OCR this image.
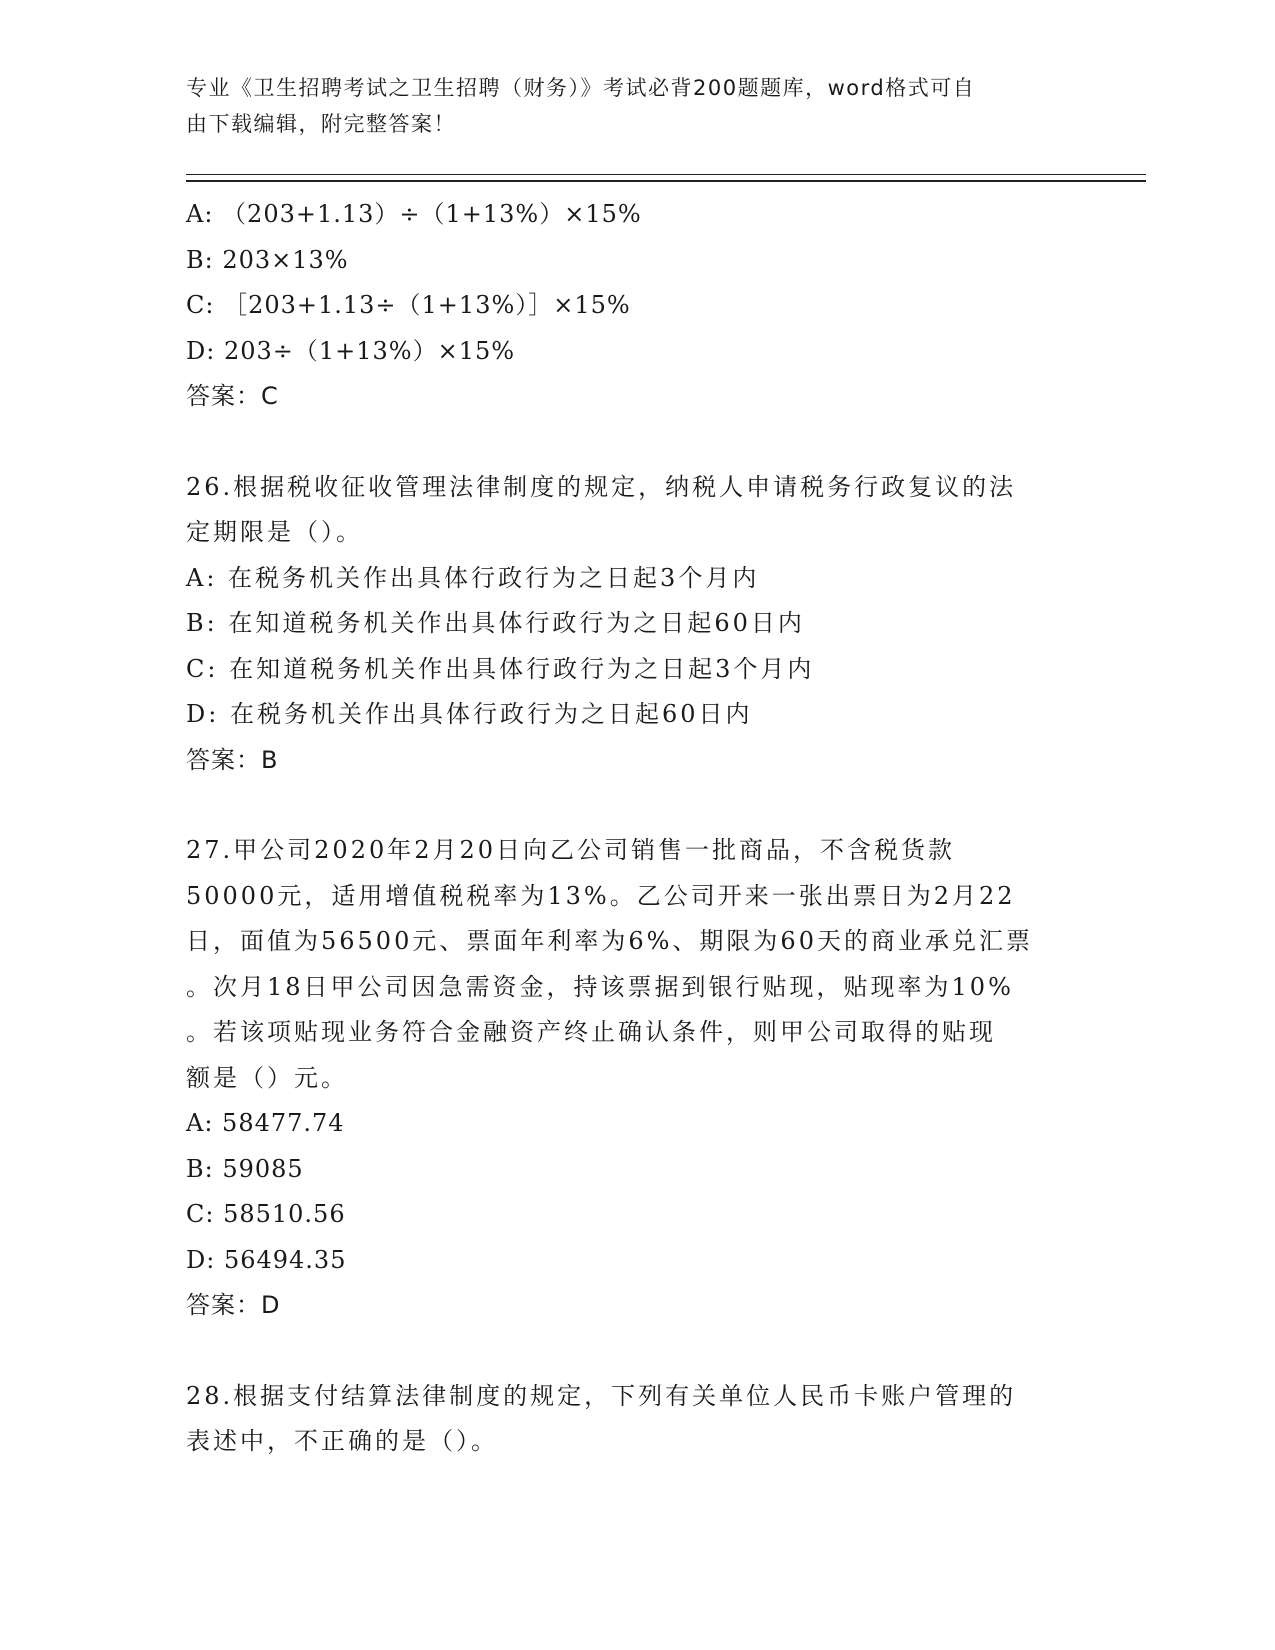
专业《卫生招聘考试之卫生招聘（财务）》考试必背200题题库，word格式可自
由下载编辑，附完整答案！
A: （203+1.13）÷（1+13%）×15%
B: 203×13%
C: ［203+1.13÷（1+13%）］×15%
D: 203÷（1+13%）×15%
答案：C
26.根据税收征收管理法律制度的规定，纳税人申请税务行政复议的法
定期限是（）。
A: 在税务机关作出具体行政行为之日起3个月内
B: 在知道税务机关作出具体行政行为之日起60日内
C: 在知道税务机关作出具体行政行为之日起3个月内
D: 在税务机关作出具体行政行为之日起60日内
答案：B
27.甲公司2020年2月20日向乙公司销售一批商品，不含税货款
50000元，适用增值税税率为13%。乙公司开来一张出票日为2月22
日，面值为56500元、票面年利率为6%、期限为60天的商业承兑汇票
。次月18日甲公司因急需资金，持该票据到银行贴现，贴现率为10%
。若该项贴现业务符合金融资产终止确认条件，则甲公司取得的贴现
额是（）元。
A: 58477.74
B: 59085
C: 58510.56
D: 56494.35
答案：D
28.根据支付结算法律制度的规定，下列有关单位人民币卡账户管理的
表述中，不正确的是（）。
